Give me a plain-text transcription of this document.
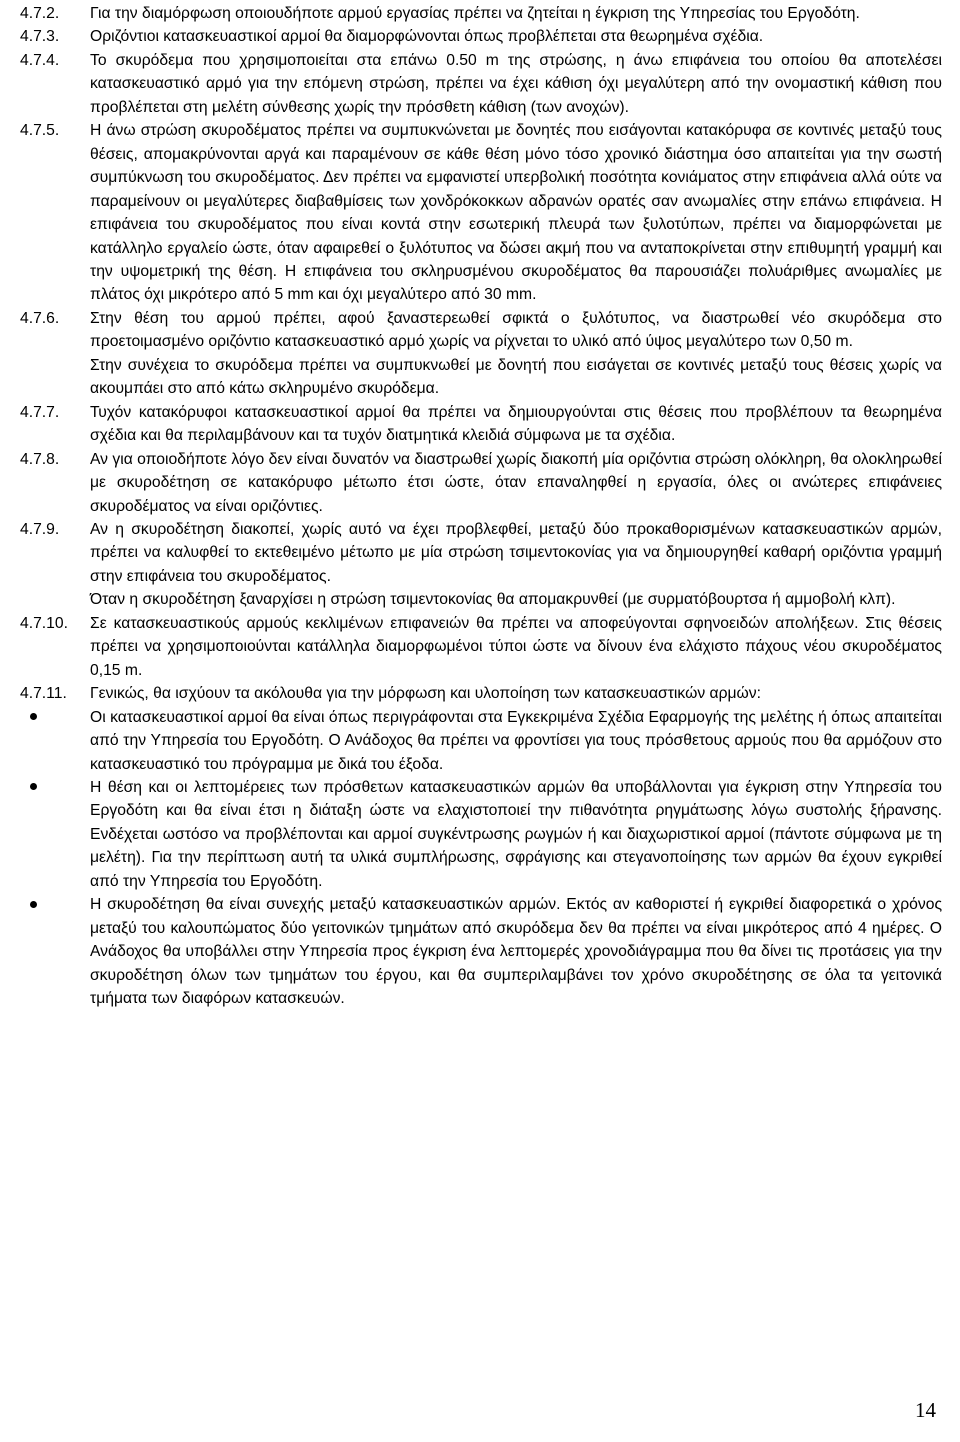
4.7.2.	Για την διαμόρφωση οποιουδήποτε αρμού εργασίας πρέπει να ζητείται η έγκριση της Υπηρεσίας του Εργοδότη.

4.7.3.	Οριζόντιοι κατασκευαστικοί αρμοί θα διαμορφώνονται όπως προβλέπεται στα θεωρημένα σχέδια.

4.7.4.	Το σκυρόδεμα που χρησιμοποιείται στα επάνω 0.50 m της στρώσης, η άνω επιφάνεια του οποίου θα αποτελέσει κατασκευαστικό αρμό για την επόμενη στρώση, πρέπει να έχει κάθιση όχι μεγαλύτερη από την ονομαστική κάθιση που προβλέπεται στη μελέτη σύνθεσης χωρίς την πρόσθετη κάθιση (των ανοχών).

4.7.5.	Η άνω στρώση σκυροδέματος πρέπει να συμπυκνώνεται με δονητές που εισάγονται κατακόρυφα σε κοντινές μεταξύ τους θέσεις, απομακρύνονται αργά και παραμένουν σε κάθε θέση μόνο τόσο χρονικό διάστημα όσο απαιτείται για την σωστή συμπύκνωση του σκυροδέματος. Δεν πρέπει να εμφανιστεί υπερβολική ποσότητα κονιάματος στην επιφάνεια αλλά ούτε να παραμείνουν οι μεγαλύτερες διαβαθμίσεις των χονδρόκοκκων αδρανών ορατές σαν ανωμαλίες στην επάνω επιφάνεια. Η επιφάνεια του σκυροδέματος που είναι κοντά στην εσωτερική πλευρά των ξυλοτύπων, πρέπει να διαμορφώνεται με κατάλληλο εργαλείο ώστε, όταν αφαιρεθεί ο ξυλότυπος να δώσει ακμή που να ανταποκρίνεται στην επιθυμητή γραμμή και την υψομετρική της θέση. Η επιφάνεια του σκληρυσμένου σκυροδέματος θα παρουσιάζει πολυάριθμες ανωμαλίες με πλάτος όχι μικρότερο από 5 mm και όχι μεγαλύτερο από 30 mm.

4.7.6.	Στην θέση του αρμού πρέπει, αφού ξαναστερεωθεί σφικτά ο ξυλότυπος, να διαστρωθεί νέο σκυρόδεμα στο προετοιμασμένο οριζόντιο κατασκευαστικό αρμό χωρίς να ρίχνεται το υλικό από ύψος μεγαλύτερο των 0,50 m.

Στην συνέχεια το σκυρόδεμα πρέπει να συμπυκνωθεί με δονητή που εισάγεται σε κοντινές μεταξύ τους θέσεις χωρίς να ακουμπάει στο από κάτω σκληρυμένο σκυρόδεμα.

4.7.7.	Τυχόν κατακόρυφοι κατασκευαστικοί αρμοί θα πρέπει να δημιουργούνται στις θέσεις που προβλέπουν τα θεωρημένα σχέδια και θα περιλαμβάνουν και τα τυχόν διατμητικά κλειδιά σύμφωνα με τα σχέδια.

4.7.8.	Αν για οποιοδήποτε λόγο δεν είναι δυνατόν να διαστρωθεί χωρίς διακοπή μία οριζόντια στρώση ολόκληρη, θα ολοκληρωθεί με σκυροδέτηση σε κατακόρυφο μέτωπο έτσι ώστε, όταν επαναληφθεί η εργασία, όλες οι ανώτερες επιφάνειες σκυροδέματος να είναι οριζόντιες.

4.7.9.	Αν η σκυροδέτηση διακοπεί, χωρίς αυτό να έχει προβλεφθεί, μεταξύ δύο προκαθορισμένων κατασκευαστικών αρμών, πρέπει να καλυφθεί το εκτεθειμένο μέτωπο με μία στρώση τσιμεντοκονίας για να δημιουργηθεί καθαρή οριζόντια γραμμή στην επιφάνεια του σκυροδέματος.

Όταν η σκυροδέτηση ξαναρχίσει η στρώση τσιμεντοκονίας θα απομακρυνθεί (με συρματόβουρτσα ή αμμοβολή κλπ).

4.7.10.	Σε κατασκευαστικούς αρμούς κεκλιμένων επιφανειών θα πρέπει να αποφεύγονται σφηνοειδών απολήξεων. Στις θέσεις πρέπει να χρησιμοποιούνται κατάλληλα διαμορφωμένοι τύποι ώστε να δίνουν ένα ελάχιστο πάχους νέου σκυροδέματος 0,15 m.

4.7.11.	Γενικώς, θα ισχύουν τα ακόλουθα για την μόρφωση και υλοποίηση των κατασκευαστικών αρμών:

Οι κατασκευαστικοί αρμοί θα είναι όπως περιγράφονται στα Εγκεκριμένα Σχέδια Εφαρμογής της μελέτης ή όπως απαιτείται από την Υπηρεσία του Εργοδότη. Ο Ανάδοχος θα πρέπει να φροντίσει για τους πρόσθετους αρμούς που θα αρμόζουν στο κατασκευαστικό του πρόγραμμα με δικά του έξοδα.

Η θέση και οι λεπτομέρειες των πρόσθετων κατασκευαστικών αρμών θα υποβάλλονται για έγκριση στην Υπηρεσία του Εργοδότη και θα είναι έτσι η διάταξη ώστε να ελαχιστοποιεί την πιθανότητα ρηγμάτωσης λόγω συστολής ξήρανσης. Ενδέχεται ωστόσο να προβλέπονται και αρμοί συγκέντρωσης ρωγμών ή και διαχωριστικοί αρμοί (πάντοτε σύμφωνα με τη μελέτη). Για την περίπτωση αυτή τα υλικά συμπλήρωσης, σφράγισης και στεγανοποίησης των αρμών θα έχουν εγκριθεί από την Υπηρεσία του Εργοδότη.

Η σκυροδέτηση θα είναι συνεχής μεταξύ κατασκευαστικών αρμών. Εκτός αν καθοριστεί ή εγκριθεί διαφορετικά ο χρόνος μεταξύ του καλουπώματος δύο γειτονικών τμημάτων από σκυρόδεμα δεν θα πρέπει να είναι μικρότερος από 4 ημέρες. Ο Ανάδοχος θα υποβάλλει στην Υπηρεσία προς έγκριση ένα λεπτομερές χρονοδιάγραμμα που θα δίνει τις προτάσεις για την σκυροδέτηση όλων των τμημάτων του έργου, και θα συμπεριλαμβάνει τον χρόνο σκυροδέτησης σε όλα τα γειτονικά τμήματα των διαφόρων κατασκευών.

14
